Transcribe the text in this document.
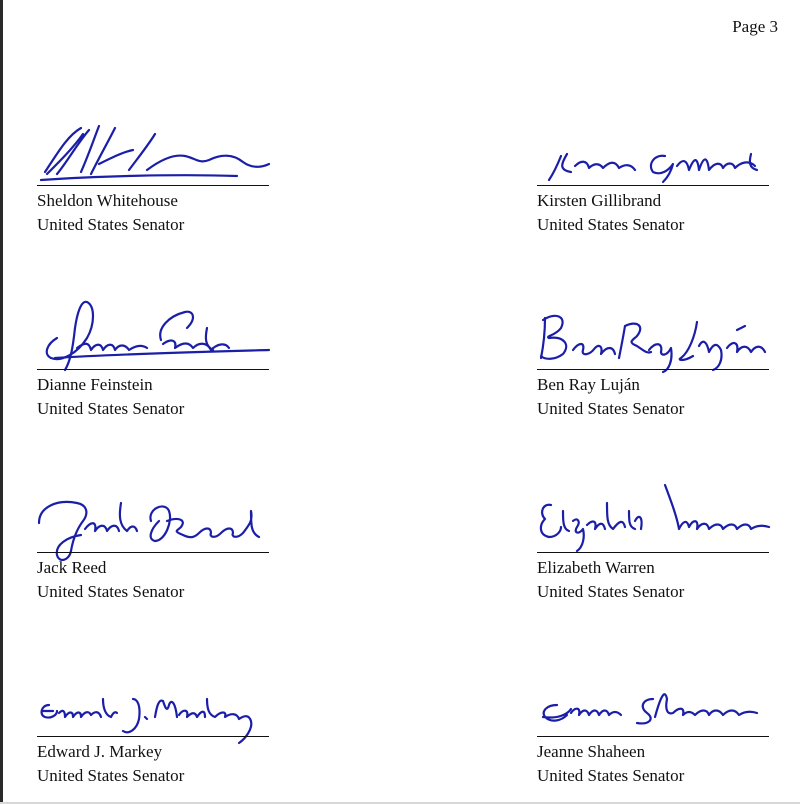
Page 3
Sheldon Whitehouse
United States Senator
Kirsten Gillibrand
United States Senator
Dianne Feinstein
United States Senator
Ben Ray Luján
United States Senator
Jack Reed
United States Senator
Elizabeth Warren
United States Senator
Edward J. Markey
United States Senator
Jeanne Shaheen
United States Senator
